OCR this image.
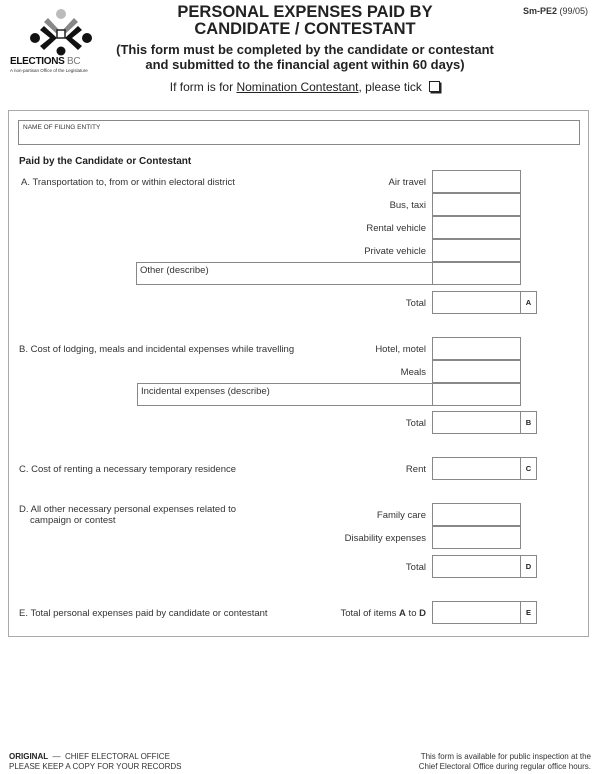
ELECTIONS BC
A non-partisan Office of the Legislature
Sm-PE2 (99/05)
PERSONAL EXPENSES PAID BY
CANDIDATE / CONTESTANT
(This form must be completed by the candidate or contestant
and submitted to the financial agent within 60 days)
If form is for Nomination Contestant, please tick
NAME OF FILING ENTITY
Paid by the Candidate or Contestant
A. Transportation to, from or within electoral district	Air travel
Bus, taxi
Rental vehicle
Private vehicle
Other (describe)
Total	A
B. Cost of lodging, meals and incidental expenses while travelling	Hotel, motel
Meals
Incidental expenses (describe)
Total	B
C. Cost of renting a necessary temporary residence	Rent	C
D. All other necessary personal expenses related to
campaign or contest	Family care
Disability expenses
Total	D
E. Total personal expenses paid by candidate or contestant	Total of items A to D	E
ORIGINAL  —  CHIEF ELECTORAL OFFICE
PLEASE KEEP A COPY FOR YOUR RECORDS
This form is available for public inspection at the
Chief Electoral Office during regular office hours.
